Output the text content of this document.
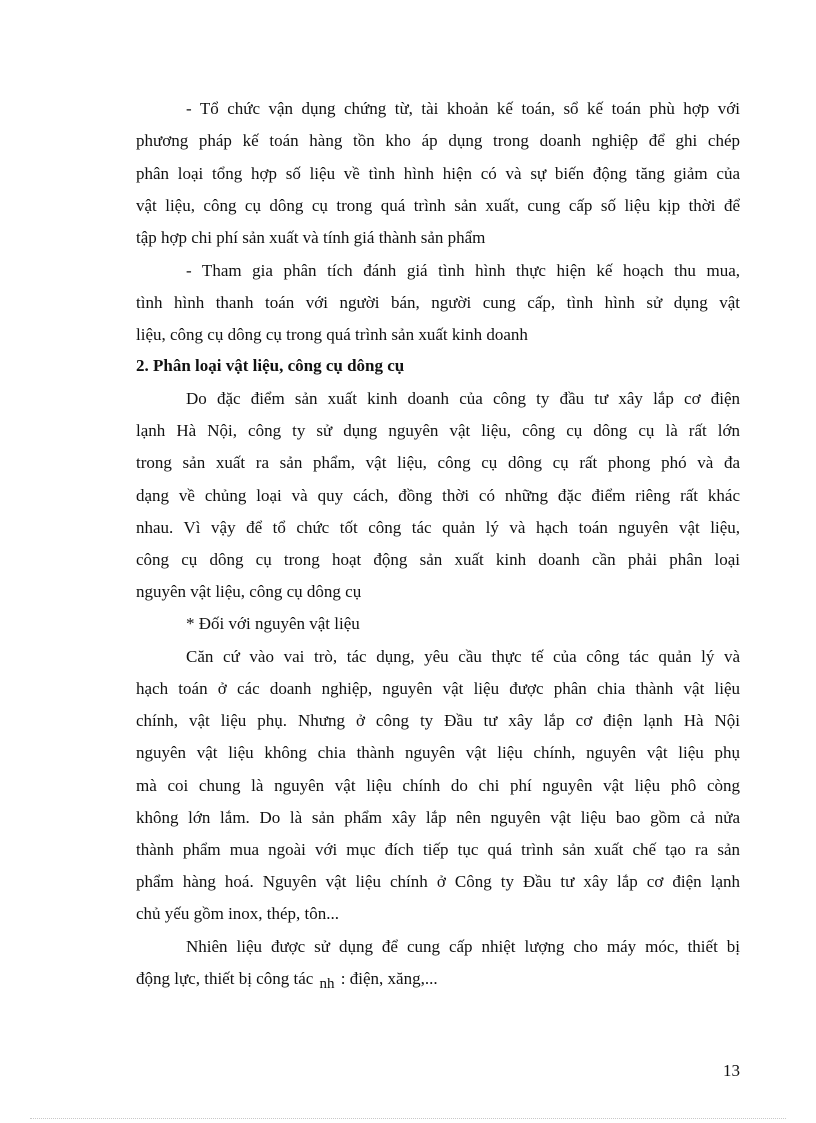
- Tổ chức vận dụng chứng từ, tài khoản kế toán, sổ kế toán phù hợp với
phương pháp kế toán hàng tồn kho áp dụng trong doanh nghiệp để ghi chép
phân loại tổng hợp số liệu về tình hình hiện có và sự biến động tăng giảm của
vật liệu, công cụ dông cụ trong quá trình sản xuất, cung cấp số liệu kịp thời để
tập hợp chi phí sản xuất và tính giá thành sản phẩm
- Tham gia phân tích đánh giá tình hình thực hiện kế hoạch thu mua,
tình hình thanh toán với người bán, người cung cấp, tình hình sử dụng vật
liệu, công cụ dông cụ trong quá trình sản xuất kinh doanh
2. Phân loại vật liệu, công cụ dông cụ
Do đặc điểm sản xuất kinh doanh của công ty đầu tư xây lắp cơ điện
lạnh Hà Nội, công ty sử dụng nguyên vật liệu, công cụ dông cụ là rất lớn
trong sản xuất ra sản phẩm, vật liệu, công cụ dông cụ rất phong phó và đa
dạng về chủng loại và quy cách, đồng thời có những đặc điểm riêng rất khác
nhau. Vì vậy để tổ chức tốt công tác quản lý và hạch toán nguyên vật liệu,
công cụ dông cụ trong hoạt động sản xuất kinh doanh cần phải phân loại
nguyên vật liệu, công cụ dông cụ
* Đối với nguyên vật liệu
Căn cứ vào vai trò, tác dụng, yêu cầu thực tế của công tác quản lý và
hạch toán ở các doanh nghiệp, nguyên vật liệu được phân chia thành vật liệu
chính, vật liệu phụ. Nhưng ở công ty Đầu tư xây lắp cơ điện lạnh Hà Nội
nguyên vật liệu không chia thành nguyên vật liệu chính, nguyên vật liệu phụ
mà coi chung là nguyên vật liệu chính do chi phí nguyên vật liệu phô còng
không lớn lắm. Do là sản phẩm xây lắp nên nguyên vật liệu bao gồm cả nửa
thành phẩm mua ngoài với mục đích tiếp tục quá trình sản xuất chế tạo ra sản
phẩm hàng hoá. Nguyên vật liệu chính ở Công ty Đầu tư xây lắp cơ điện lạnh
chủ yếu gồm inox, thép, tôn...
Nhiên liệu được sử dụng để cung cấp nhiệt lượng cho máy móc, thiết bị
động lực, thiết bị công tác nh : điện, xăng,...
13
